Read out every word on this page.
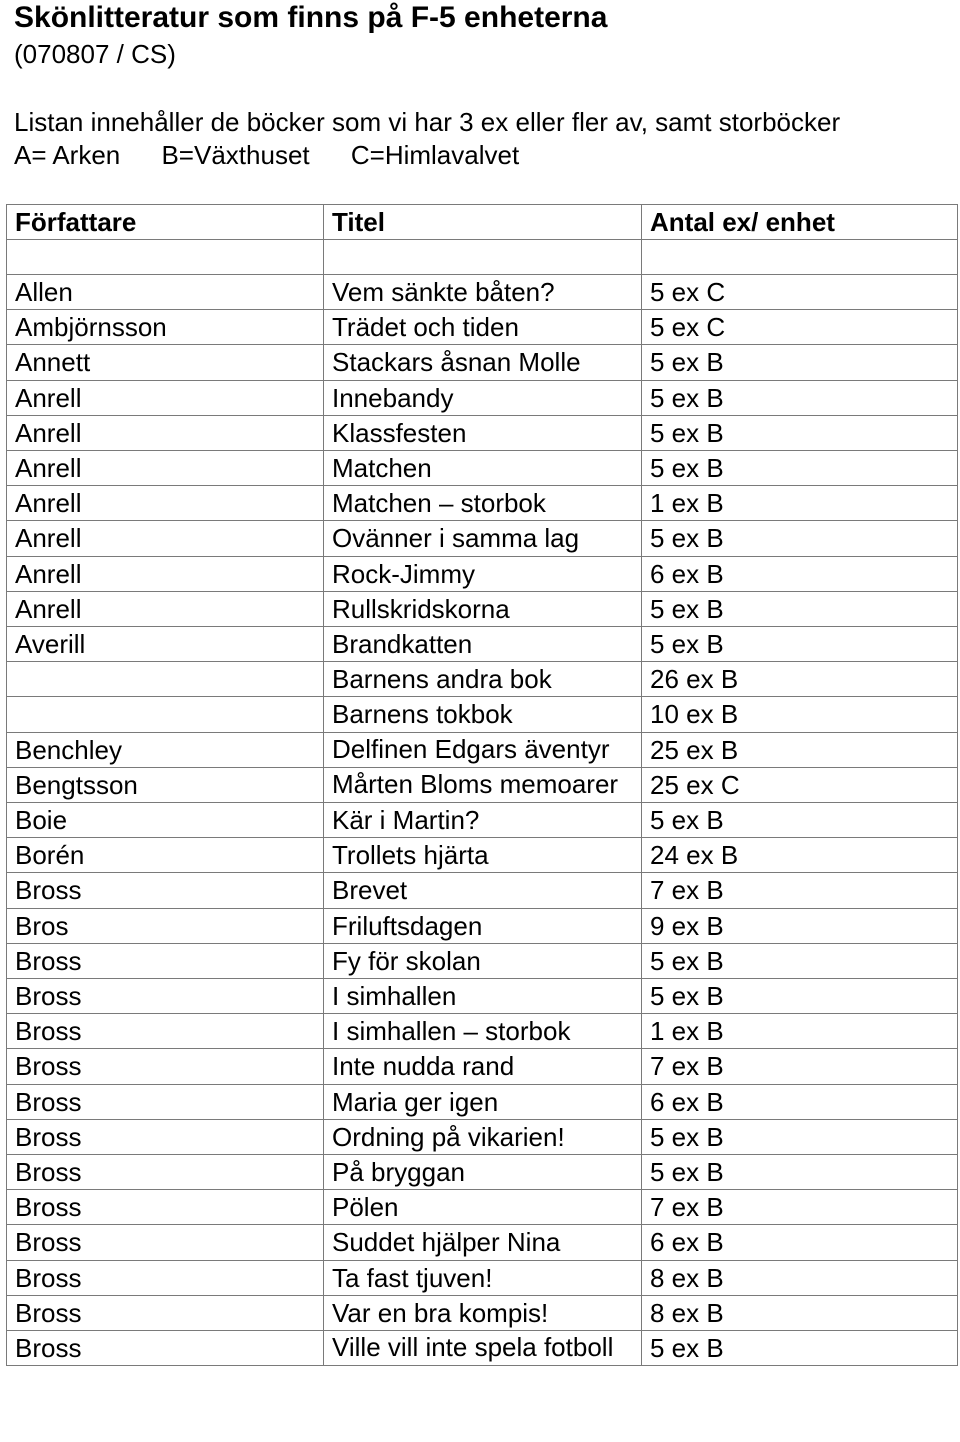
Skönlitteratur som finns på F-5 enheterna
(070807 / CS)
Listan innehåller de böcker som vi har 3 ex eller fler av, samt storböcker
A= Arken B=Växthuset C=Himlavalvet
Författare	Titel	Antal ex/ enhet

Allen	Vem sänkte båten?	5 ex C
Ambjörnsson	Trädet och tiden	5 ex C
Annett	Stackars åsnan Molle	5 ex B
Anrell	Innebandy	5 ex B
Anrell	Klassfesten	5 ex B
Anrell	Matchen	5 ex B
Anrell	Matchen – storbok	1 ex B
Anrell	Ovänner i samma lag	5 ex B
Anrell	Rock-Jimmy	6 ex B
Anrell	Rullskridskorna	5 ex B
Averill	Brandkatten	5 ex B
	Barnens andra bok	26 ex B
	Barnens tokbok	10 ex B
Benchley	Delfinen Edgars äventyr	25 ex B
Bengtsson	Mårten Bloms memoarer	25 ex C
Boie	Kär i Martin?	5 ex B
Borén	Trollets hjärta	24 ex B
Bross	Brevet	7 ex B
Bros	Friluftsdagen	9 ex B
Bross	Fy för skolan	5 ex B
Bross	I simhallen	5 ex B
Bross	I simhallen – storbok	1 ex B
Bross	Inte nudda rand	7 ex B
Bross	Maria ger igen	6 ex B
Bross	Ordning på vikarien!	5 ex B
Bross	På bryggan	5 ex B
Bross	Pölen	7 ex B
Bross	Suddet hjälper Nina	6 ex B
Bross	Ta fast tjuven!	8 ex B
Bross	Var en bra kompis!	8 ex B
Bross	Ville vill inte spela fotboll	5 ex B
